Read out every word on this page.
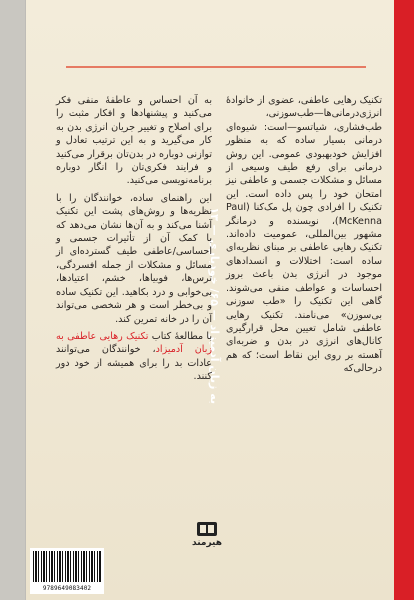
به زبان آدمیزاد — ۶۵/ خودیاری — ۱۳

تکنیک رهایی عاطفی، عضوی از خانوادهٔ انرژی‌درمانی‌ها—طب‌سوزنی، طب‌فشاری، شیاتسو—است: شیوه‌ای درمانی بسیار ساده که به منظور افزایش خودبهبودی عمومی. این روش درمانی برای رفع طیف وسیعی از مسائل و مشکلات جسمی و عاطفی نیز امتحان خود را پس داده است. این تکنیک را افرادی چون پل مک‌کنا (Paul McKenna)، نویسنده و درمانگر مشهور بین‌المللی، عمومیت داده‌اند. تکنیک رهایی عاطفی بر مبنای نظریه‌ای ساده است: اختلالات و انسدادهای موجود در انرژی بدن باعث بروز احساسات و عواطف منفی می‌شوند. گاهی این تکنیک را «طب سوزنی بی‌سوزن» می‌نامند. تکنیک رهایی عاطفی شامل تعیین محل قرارگیری کانال‌های انرژی در بدن و ضربه‌ای آهسته بر روی این نقاط است؛ که هم درحالی‌که

به آن احساس و عاطفهٔ منفی فکر می‌کنید و پیشنهادها و افکار مثبت را برای اصلاح و تغییر جریان انرژی بدن به کار می‌گیرید و به این ترتیب تعادل و توازنی دوباره در بدن‌تان برقرار می‌کنید و فرایند فکری‌تان را انگار دوباره برنامه‌نویسی می‌کنید.

این راهنمای ساده، خوانندگان را با نظریه‌ها و روش‌های پشت این تکنیک آشنا می‌کند و به آن‌ها نشان می‌دهد که با کمک آن از تأثیرات جسمی و احساسی/عاطفی طیف گسترده‌ای از مسائل و مشکلات از جمله افسردگی، ترس‌ها، فوبیاها، خشم، اعتیادها، بی‌خوابی و درد بکاهید. این تکنیک ساده و بی‌خطر است و هر شخصی می‌تواند آن را در خانه تمرین کند.

با مطالعهٔ کتاب تکنیک رهایی عاطفی به زبان آدمیزاد، خوانندگان می‌توانند عادات بد را برای همیشه از خود دور کنند.

هیرمند
9789649083402
